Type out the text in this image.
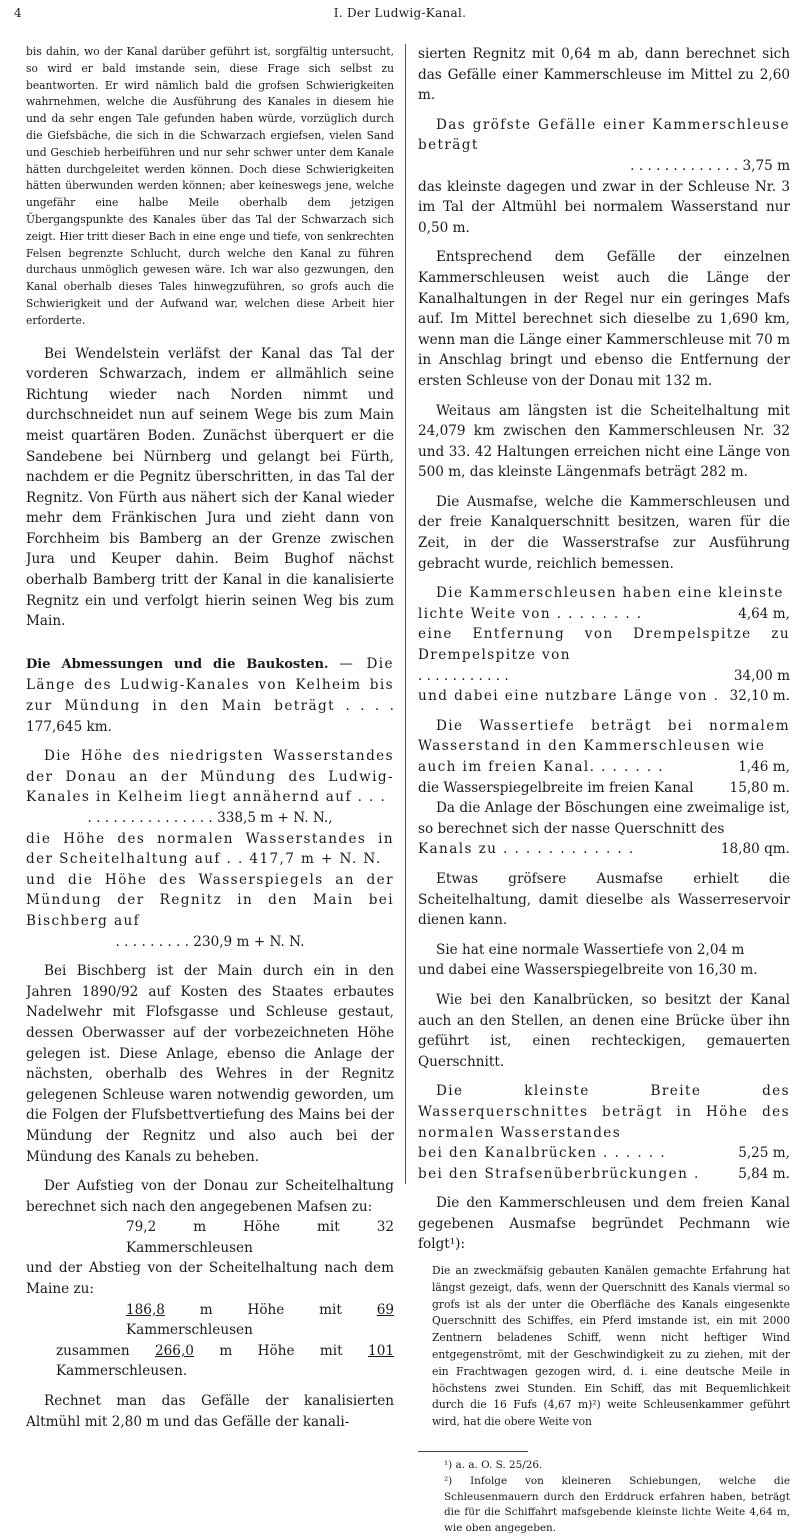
4	I. Der Ludwig-Kanal.

bis dahin, wo der Kanal darüber geführt ist, sorgfältig untersucht, so wird er bald imstande sein, diese Frage sich selbst zu beantworten. Er wird nämlich bald die grofsen Schwierigkeiten wahrnehmen, welche die Ausführung des Kanales in diesem hie und da sehr engen Tale gefunden haben würde, vorzüglich durch die Giefsbäche, die sich in die Schwarzach ergiefsen, vielen Sand und Geschieb herbeiführen und nur sehr schwer unter dem Kanale hätten durchgeleitet werden können. Doch diese Schwierigkeiten hätten überwunden werden können; aber keineswegs jene, welche ungefähr eine halbe Meile oberhalb dem jetzigen Übergangspunkte des Kanales über das Tal der Schwarzach sich zeigt. Hier tritt dieser Bach in eine enge und tiefe, von senkrechten Felsen begrenzte Schlucht, durch welche den Kanal zu führen durchaus unmöglich gewesen wäre. Ich war also gezwungen, den Kanal oberhalb dieses Tales hinwegzuführen, so grofs auch die Schwierigkeit und der Aufwand war, welchen diese Arbeit hier erforderte.

Bei Wendelstein verläfst der Kanal das Tal der vorderen Schwarzach, indem er allmählich seine Richtung wieder nach Norden nimmt und durchschneidet nun auf seinem Wege bis zum Main meist quartären Boden. Zunächst überquert er die Sandebene bei Nürnberg und gelangt bei Fürth, nachdem er die Pegnitz überschritten, in das Tal der Regnitz. Von Fürth aus nähert sich der Kanal wieder mehr dem Fränkischen Jura und zieht dann von Forchheim bis Bamberg an der Grenze zwischen Jura und Keuper dahin. Beim Bughof nächst oberhalb Bamberg tritt der Kanal in die kanalisierte Regnitz ein und verfolgt hierin seinen Weg bis zum Main.

Die Abmessungen und die Baukosten. — Die Länge des Ludwig-Kanales von Kelheim bis zur Mündung in den Main beträgt . . . . 177,645 km.

Die Höhe des niedrigsten Wasserstandes der Donau an der Mündung des Ludwig-Kanales in Kelheim liegt annähernd auf . . .

. . . . . . . . . . . . . . . 338,5 m + N. N.,

die Höhe des normalen Wasserstandes in der Scheitelhaltung auf . . 417,7 m + N. N.

und die Höhe des Wasserspiegels an der Mündung der Regnitz in den Main bei Bischberg auf

. . . . . . . . . 230,9 m + N. N.

Bei Bischberg ist der Main durch ein in den Jahren 1890/92 auf Kosten des Staates erbautes Nadelwehr mit Flofsgasse und Schleuse gestaut, dessen Oberwasser auf der vorbezeichneten Höhe gelegen ist. Diese Anlage, ebenso die Anlage der nächsten, oberhalb des Wehres in der Regnitz gelegenen Schleuse waren notwendig geworden, um die Folgen der Flufsbettvertiefung des Mains bei der Mündung der Regnitz und also auch bei der Mündung des Kanals zu beheben.

Der Aufstieg von der Donau zur Scheitelhaltung berechnet sich nach den angegebenen Mafsen zu:

79,2 m Höhe mit 32 Kammerschleusen

und der Abstieg von der Scheitelhaltung nach dem Maine zu:

186,8 m Höhe mit 69 Kammerschleusen

zusammen 266,0 m Höhe mit 101 Kammerschleusen.

Rechnet man das Gefälle der kanalisierten Altmühl mit 2,80 m und das Gefälle der kanali-

sierten Regnitz mit 0,64 m ab, dann berechnet sich das Gefälle einer Kammerschleuse im Mittel zu 2,60 m.

Das gröfste Gefälle einer Kammerschleuse beträgt

. . . . . . . . . . . . . 3,75 m

das kleinste dagegen und zwar in der Schleuse Nr. 3 im Tal der Altmühl bei normalem Wasserstand nur 0,50 m.

Entsprechend dem Gefälle der einzelnen Kammerschleusen weist auch die Länge der Kanalhaltungen in der Regel nur ein geringes Mafs auf. Im Mittel berechnet sich dieselbe zu 1,690 km, wenn man die Länge einer Kammerschleuse mit 70 m in Anschlag bringt und ebenso die Entfernung der ersten Schleuse von der Donau mit 132 m.

Weitaus am längsten ist die Scheitelhaltung mit 24,079 km zwischen den Kammerschleusen Nr. 32 und 33. 42 Haltungen erreichen nicht eine Länge von 500 m, das kleinste Längenmafs beträgt 282 m.

Die Ausmafse, welche die Kammerschleusen und der freie Kanalquerschnitt besitzen, waren für die Zeit, in der die Wasserstrafse zur Ausführung gebracht wurde, reichlich bemessen.

Die Kammerschleusen haben eine kleinste

lichte Weite von . . . . . . . .	4,64 m,

eine Entfernung von Drempelspitze zu Drempelspitze von

. . . . . . . . . . .	34,00 m
und dabei eine nutzbare Länge von . 32,10 m.

Die Wassertiefe beträgt bei normalem Wasserstand in den Kammerschleusen wie

auch im freien Kanal. . . . . . .	1,46 m,
die Wasserspiegelbreite im freien Kanal	15,80 m.

Da die Anlage der Böschungen eine zweimalige ist, so berechnet sich der nasse Querschnitt des

Kanals zu . . . . . . . . . . . .	18,80 qm.

Etwas gröfsere Ausmafse erhielt die Scheitelhaltung, damit dieselbe als Wasserreservoir dienen kann.

Sie hat eine normale Wassertiefe von 2,04 m

und dabei eine Wasserspiegelbreite von 16,30 m.

Wie bei den Kanalbrücken, so besitzt der Kanal auch an den Stellen, an denen eine Brücke über ihn geführt ist, einen rechteckigen, gemauerten Querschnitt.

Die kleinste Breite des Wasserquerschnittes beträgt in Höhe des normalen Wasserstandes

bei den Kanalbrücken . . . . . .	5,25 m,
bei den Strafsenüberbrückungen .	5,84 m.

Die den Kammerschleusen und dem freien Kanal gegebenen Ausmafse begründet Pechmann wie folgt¹):

Die an zweckmäfsig gebauten Kanälen gemachte Erfahrung hat längst gezeigt, dafs, wenn der Querschnitt des Kanals viermal so grofs ist als der unter die Oberfläche des Kanals eingesenkte Querschnitt des Schiffes, ein Pferd imstande ist, ein mit 2000 Zentnern beladenes Schiff, wenn nicht heftiger Wind entgegenströmt, mit der Geschwindigkeit zu zu ziehen, mit der ein Frachtwagen gezogen wird, d. i. eine deutsche Meile in höchstens zwei Stunden. Ein Schiff, das mit Bequemlichkeit durch die 16 Fufs (4,67 m)²) weite Schleusenkammer geführt wird, hat die obere Weite von

¹) a. a. O. S. 25/26.

²) Infolge von kleineren Schiebungen, welche die Schleusenmauern durch den Erddruck erfahren haben, beträgt die für die Schiffahrt mafsgebende kleinste lichte Weite 4,64 m, wie oben angegeben.
